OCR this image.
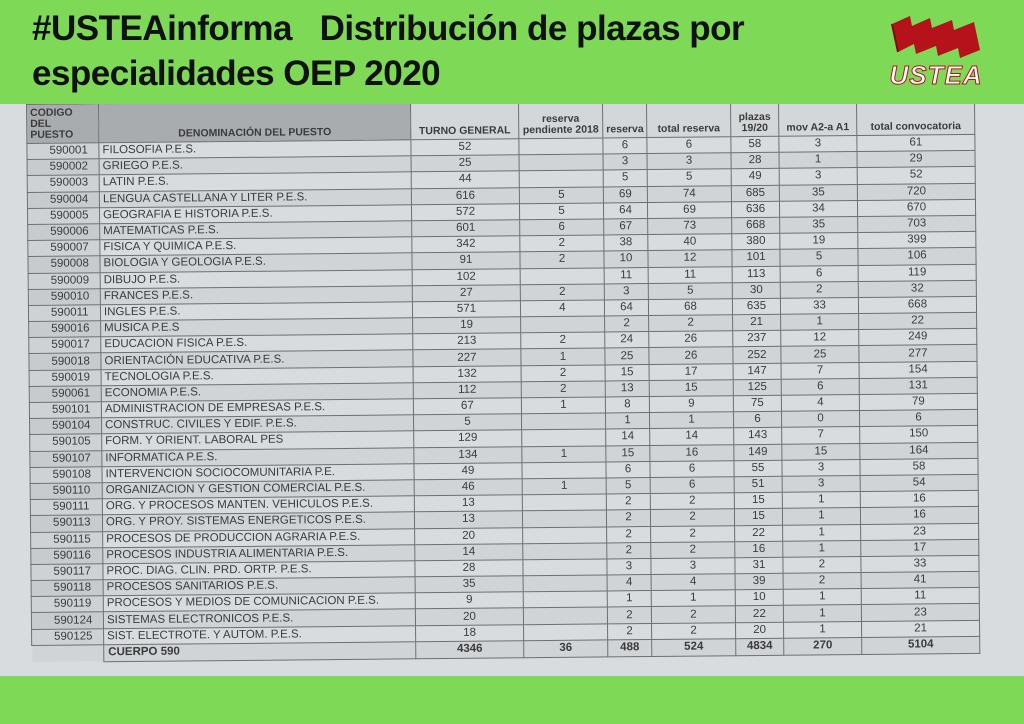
#USTEAinforma   Distribución de plazas por
especialidades OEP 2020	USTEA
CODIGO DEL PUESTO	DENOMINACIÓN DEL PUESTO	TURNO GENERAL	reserva pendiente 2018	reserva	total reserva	plazas 19/20	mov A2-a A1	total convocatoria
590001	FILOSOFIA P.E.S.	52		6	6	58	3	61
590002	GRIEGO P.E.S.	25		3	3	28	1	29
590003	LATIN P.E.S.	44		5	5	49	3	52
590004	LENGUA CASTELLANA Y LITER P.E.S.	616	5	69	74	685	35	720
590005	GEOGRAFIA E HISTORIA P.E.S.	572	5	64	69	636	34	670
590006	MATEMATICAS P.E.S.	601	6	67	73	668	35	703
590007	FISICA Y QUIMICA P.E.S.	342	2	38	40	380	19	399
590008	BIOLOGIA Y GEOLOGIA P.E.S.	91	2	10	12	101	5	106
590009	DIBUJO P.E.S.	102		11	11	113	6	119
590010	FRANCES P.E.S.	27	2	3	5	30	2	32
590011	INGLES P.E.S.	571	4	64	68	635	33	668
590016	MUSICA P.E.S	19		2	2	21	1	22
590017	EDUCACION FISICA P.E.S.	213	2	24	26	237	12	249
590018	ORIENTACIÓN EDUCATIVA P.E.S.	227	1	25	26	252	25	277
590019	TECNOLOGIA P.E.S.	132	2	15	17	147	7	154
590061	ECONOMIA P.E.S.	112	2	13	15	125	6	131
590101	ADMINISTRACION DE EMPRESAS P.E.S.	67	1	8	9	75	4	79
590104	CONSTRUC. CIVILES Y EDIF. P.E.S.	5		1	1	6	0	6
590105	FORM. Y ORIENT. LABORAL PES	129		14	14	143	7	150
590107	INFORMATICA P.E.S.	134	1	15	16	149	15	164
590108	INTERVENCION SOCIOCOMUNITARIA P.E.	49		6	6	55	3	58
590110	ORGANIZACION Y GESTION COMERCIAL P.E.S.	46	1	5	6	51	3	54
590111	ORG. Y PROCESOS MANTEN. VEHICULOS P.E.S.	13		2	2	15	1	16
590113	ORG. Y PROY. SISTEMAS ENERGETICOS P.E.S.	13		2	2	15	1	16
590115	PROCESOS DE PRODUCCION AGRARIA P.E.S.	20		2	2	22	1	23
590116	PROCESOS INDUSTRIA ALIMENTARIA P.E.S.	14		2	2	16	1	17
590117	PROC. DIAG. CLIN. PRD. ORTP. P.E.S.	28		3	3	31	2	33
590118	PROCESOS SANITARIOS P.E.S.	35		4	4	39	2	41
590119	PROCESOS Y MEDIOS DE COMUNICACION P.E.S.	9		1	1	10	1	11
590124	SISTEMAS ELECTRONICOS P.E.S.	20		2	2	22	1	23
590125	SIST. ELECTROTE. Y AUTOM. P.E.S.	18		2	2	20	1	21
	CUERPO 590	4346	36	488	524	4834	270	5104
